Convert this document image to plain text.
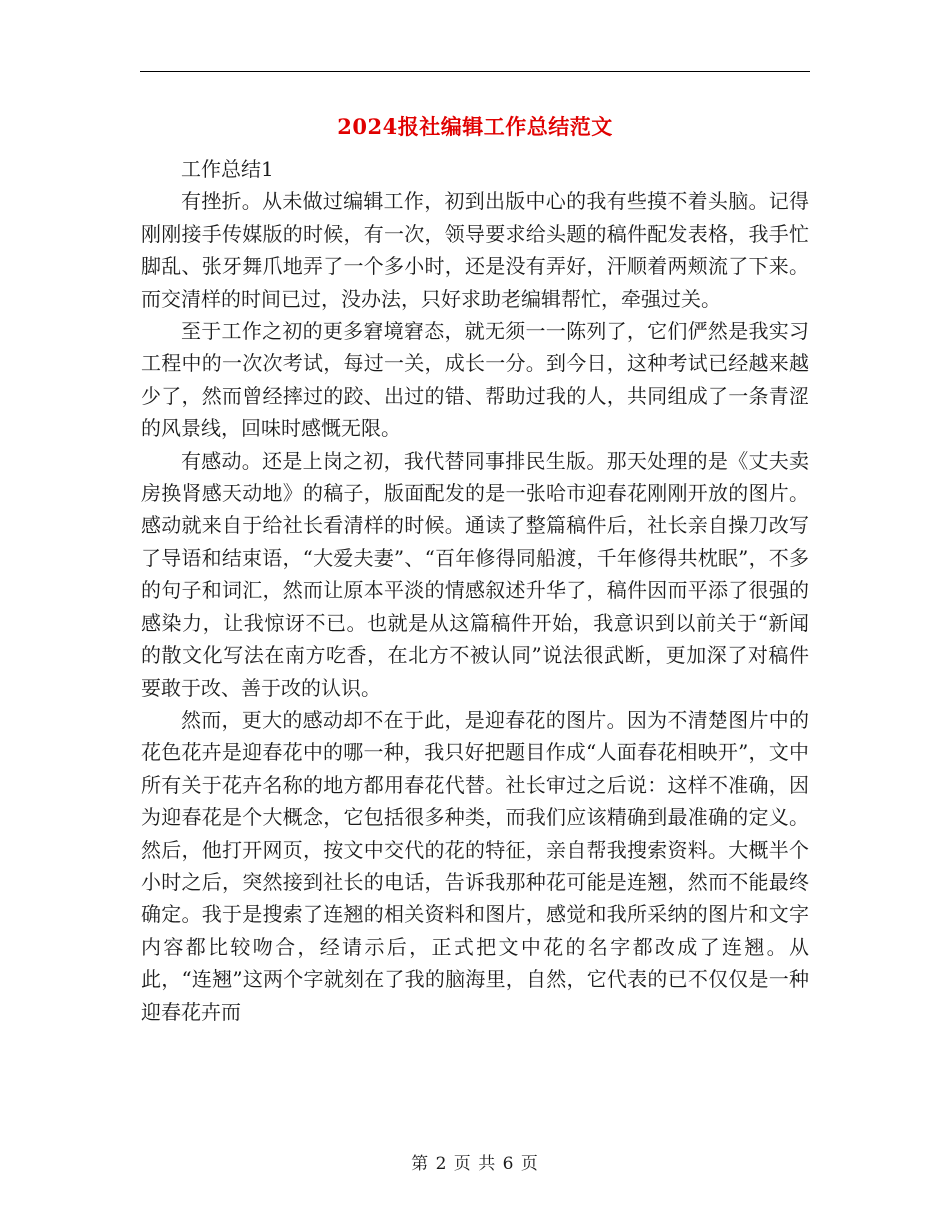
2024报社编辑工作总结范文

工作总结1

有挫折。从未做过编辑工作，初到出版中心的我有些摸不着头脑。记得刚刚接手传媒版的时候，有一次，领导要求给头题的稿件配发表格，我手忙脚乱、张牙舞爪地弄了一个多小时，还是没有弄好，汗顺着两颊流了下来。而交清样的时间已过，没办法，只好求助老编辑帮忙，牵强过关。

至于工作之初的更多窘境窘态，就无须一一陈列了，它们俨然是我实习工程中的一次次考试，每过一关，成长一分。到今日，这种考试已经越来越少了，然而曾经摔过的跤、出过的错、帮助过我的人，共同组成了一条青涩的风景线，回味时感慨无限。

有感动。还是上岗之初，我代替同事排民生版。那天处理的是《丈夫卖房换肾感天动地》的稿子，版面配发的是一张哈市迎春花刚刚开放的图片。感动就来自于给社长看清样的时候。通读了整篇稿件后，社长亲自操刀改写了导语和结束语，“大爱夫妻”、“百年修得同船渡，千年修得共枕眠”，不多的句子和词汇，然而让原本平淡的情感叙述升华了，稿件因而平添了很强的感染力，让我惊讶不已。也就是从这篇稿件开始，我意识到以前关于“新闻的散文化写法在南方吃香，在北方不被认同”说法很武断，更加深了对稿件要敢于改、善于改的认识。

然而，更大的感动却不在于此，是迎春花的图片。因为不清楚图片中的花色花卉是迎春花中的哪一种，我只好把题目作成“人面春花相映开”，文中所有关于花卉名称的地方都用春花代替。社长审过之后说：这样不准确，因为迎春花是个大概念，它包括很多种类，而我们应该精确到最准确的定义。然后，他打开网页，按文中交代的花的特征，亲自帮我搜索资料。大概半个小时之后，突然接到社长的电话，告诉我那种花可能是连翘，然而不能最终确定。我于是搜索了连翘的相关资料和图片，感觉和我所采纳的图片和文字内容都比较吻合，经请示后，正式把文中花的名字都改成了连翘。从此，“连翘”这两个字就刻在了我的脑海里，自然，它代表的已不仅仅是一种迎春花卉而

第 2 页 共 6 页
